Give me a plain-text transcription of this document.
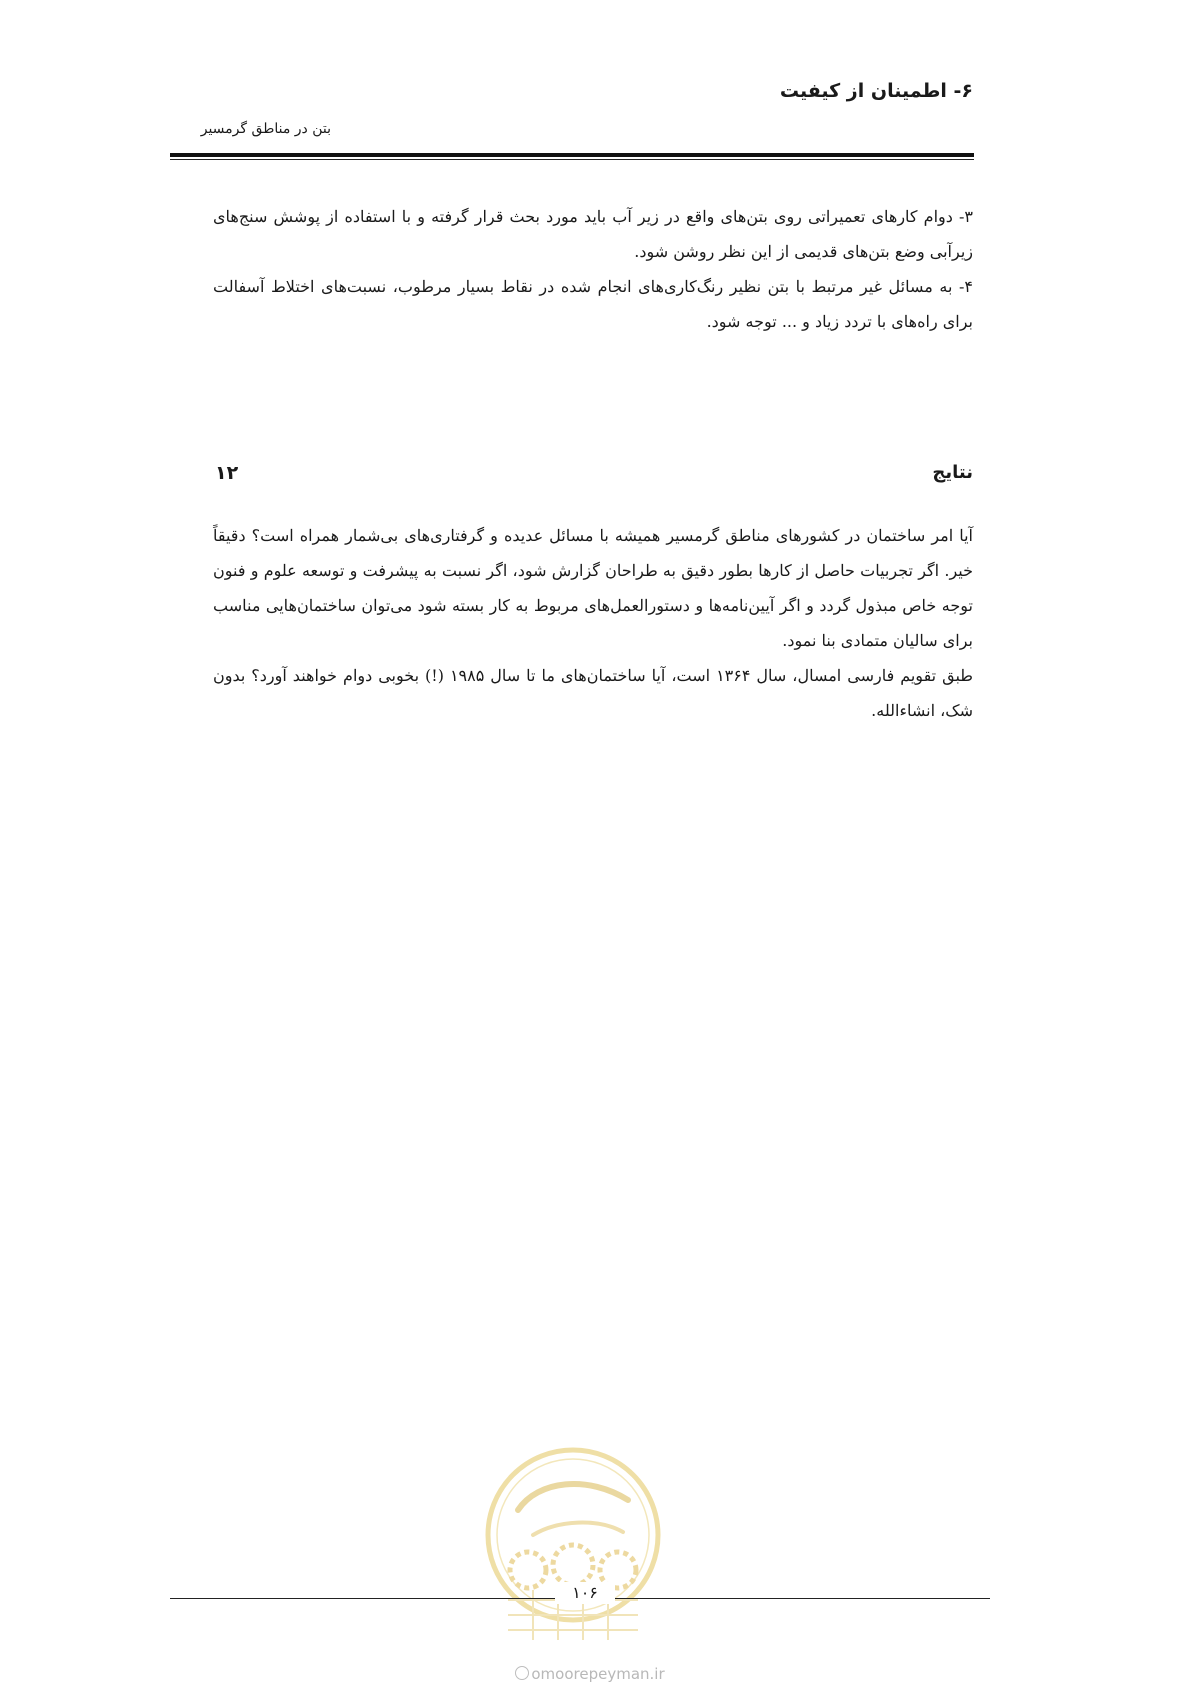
۶- اطمینان از کیفیت
بتن در مناطق گرمسیر
۳- دوام کارهای تعمیراتی روی بتن‌های واقع در زیر آب باید مورد بحث قرار گرفته و با استفاده از پوشش سنج‌های زیرآبی وضع بتن‌های قدیمی از این نظر روشن شود.
۴- به مسائل غیر مرتبط با بتن نظیر رنگ‌کاری‌های انجام شده در نقاط بسیار مرطوب، نسبت‌های اختلاط آسفالت برای راه‌های با تردد زیاد و ... توجه شود.
۱۲	نتایج
آیا امر ساختمان در کشورهای مناطق گرمسیر همیشه با مسائل عدیده و گرفتاری‌های بی‌شمار همراه است؟ دقیقاً خیر. اگر تجربیات حاصل از کارها بطور دقیق به طراحان گزارش شود، اگر نسبت به پیشرفت و توسعه علوم و فنون توجه خاص مبذول گردد و اگر آیین‌نامه‌ها و دستورالعمل‌های مربوط به کار بسته شود می‌توان ساختمان‌هایی مناسب برای سالیان متمادی بنا نمود.
طبق تقویم فارسی امسال، سال ۱۳۶۴ است، آیا ساختمان‌های ما تا سال ۱۹۸۵ (!) بخوبی دوام خواهند آورد؟ بدون شک، انشاءالله.
۱۰۶
omoorepeyman.ir
